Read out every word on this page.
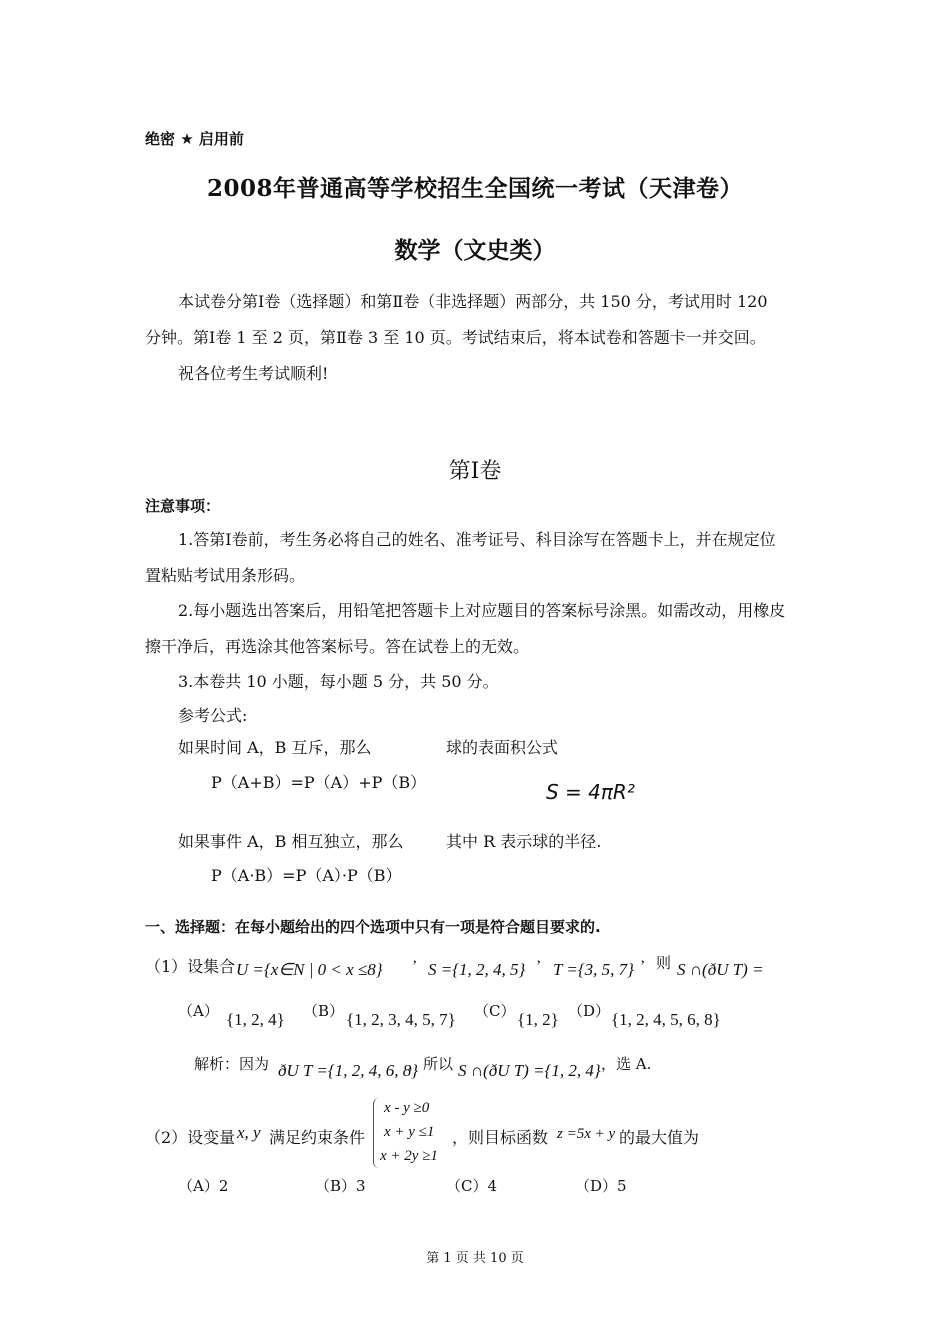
绝密 ★ 启用前
2008年普通高等学校招生全国统一考试（天津卷）
数学（文史类）
本试卷分第Ⅰ卷（选择题）和第Ⅱ卷（非选择题）两部分，共 150 分，考试用时 120
分钟。第Ⅰ卷 1 至 2 页，第Ⅱ卷 3 至 10 页。考试结束后，将本试卷和答题卡一并交回。
祝各位考生考试顺利!
第Ⅰ卷
注意事项：
1.答第Ⅰ卷前，考生务必将自己的姓名、准考证号、科目涂写在答题卡上，并在规定位
置粘贴考试用条形码。
2.每小题选出答案后，用铅笔把答题卡上对应题目的答案标号涂黑。如需改动，用橡皮
擦干净后，再选涂其他答案标号。答在试卷上的无效。
3.本卷共 10 小题，每小题 5 分，共 50 分。
参考公式:
如果时间 A，B 互斥，那么	球的表面积公式
P（A+B）=P（A）+P（B）	S = 4πR²
如果事件 A，B 相互独立，那么	其中 R 表示球的半径.
P（A·B）=P（A）·P（B）
一、选择题：在每小题给出的四个选项中只有一项是符合题目要求的.
（1）设集合 U ={x∈N | 0 < x ≤8} ’ S ={1, 2, 4, 5} ’ T ={3, 5, 7} ’ 则 S ∩(ðU T) =
（A） {1, 2, 4} （B） {1, 2, 3, 4, 5, 7} （C） {1, 2} （D） {1, 2, 4, 5, 6, 8}
解析：因为 ðU T ={1, 2, 4, 6, 8}
，所以 S ∩(ðU T) ={1, 2, 4} ，选 A.
（2）设变量 x, y 满足约束条件
x - y ≥0
x + y ≤1
x + 2y ≥1
，则目标函数 z =5x + y 的最大值为
（A）2	（B）3	（C）4	（D）5
第 1 页 共 10 页
